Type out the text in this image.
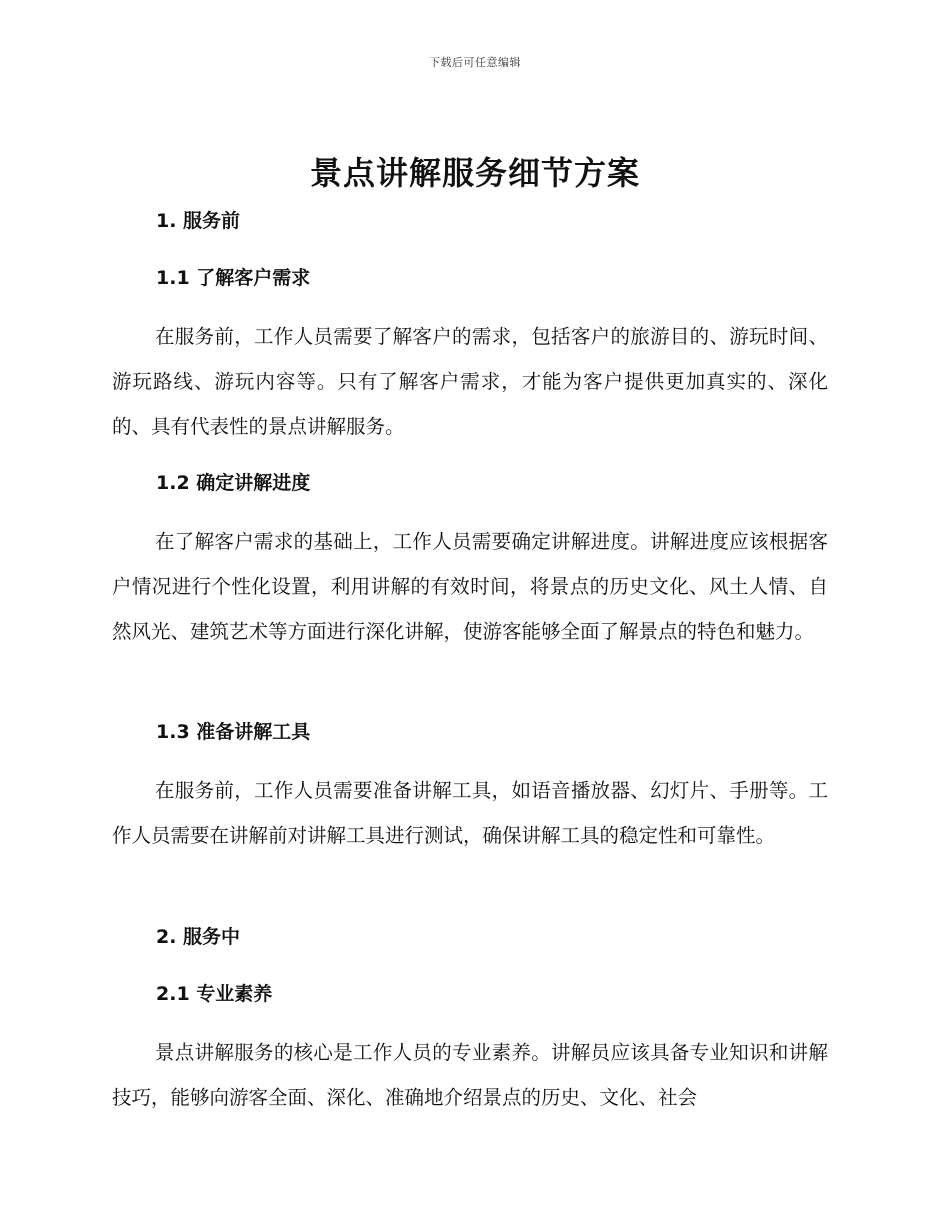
下载后可任意编辑
景点讲解服务细节方案
1. 服务前
1.1 了解客户需求

在服务前，工作人员需要了解客户的需求，包括客户的旅游目的、游玩时间、游玩路线、游玩内容等。只有了解客户需求，才能为客户提供更加真实的、深化的、具有代表性的景点讲解服务。

1.2 确定讲解进度

在了解客户需求的基础上，工作人员需要确定讲解进度。讲解进度应该根据客户情况进行个性化设置，利用讲解的有效时间，将景点的历史文化、风土人情、自然风光、建筑艺术等方面进行深化讲解，使游客能够全面了解景点的特色和魅力。

1.3 准备讲解工具

在服务前，工作人员需要准备讲解工具，如语音播放器、幻灯片、手册等。工作人员需要在讲解前对讲解工具进行测试，确保讲解工具的稳定性和可靠性。

2. 服务中
2.1 专业素养

景点讲解服务的核心是工作人员的专业素养。讲解员应该具备专业知识和讲解技巧，能够向游客全面、深化、准确地介绍景点的历史、文化、社会
